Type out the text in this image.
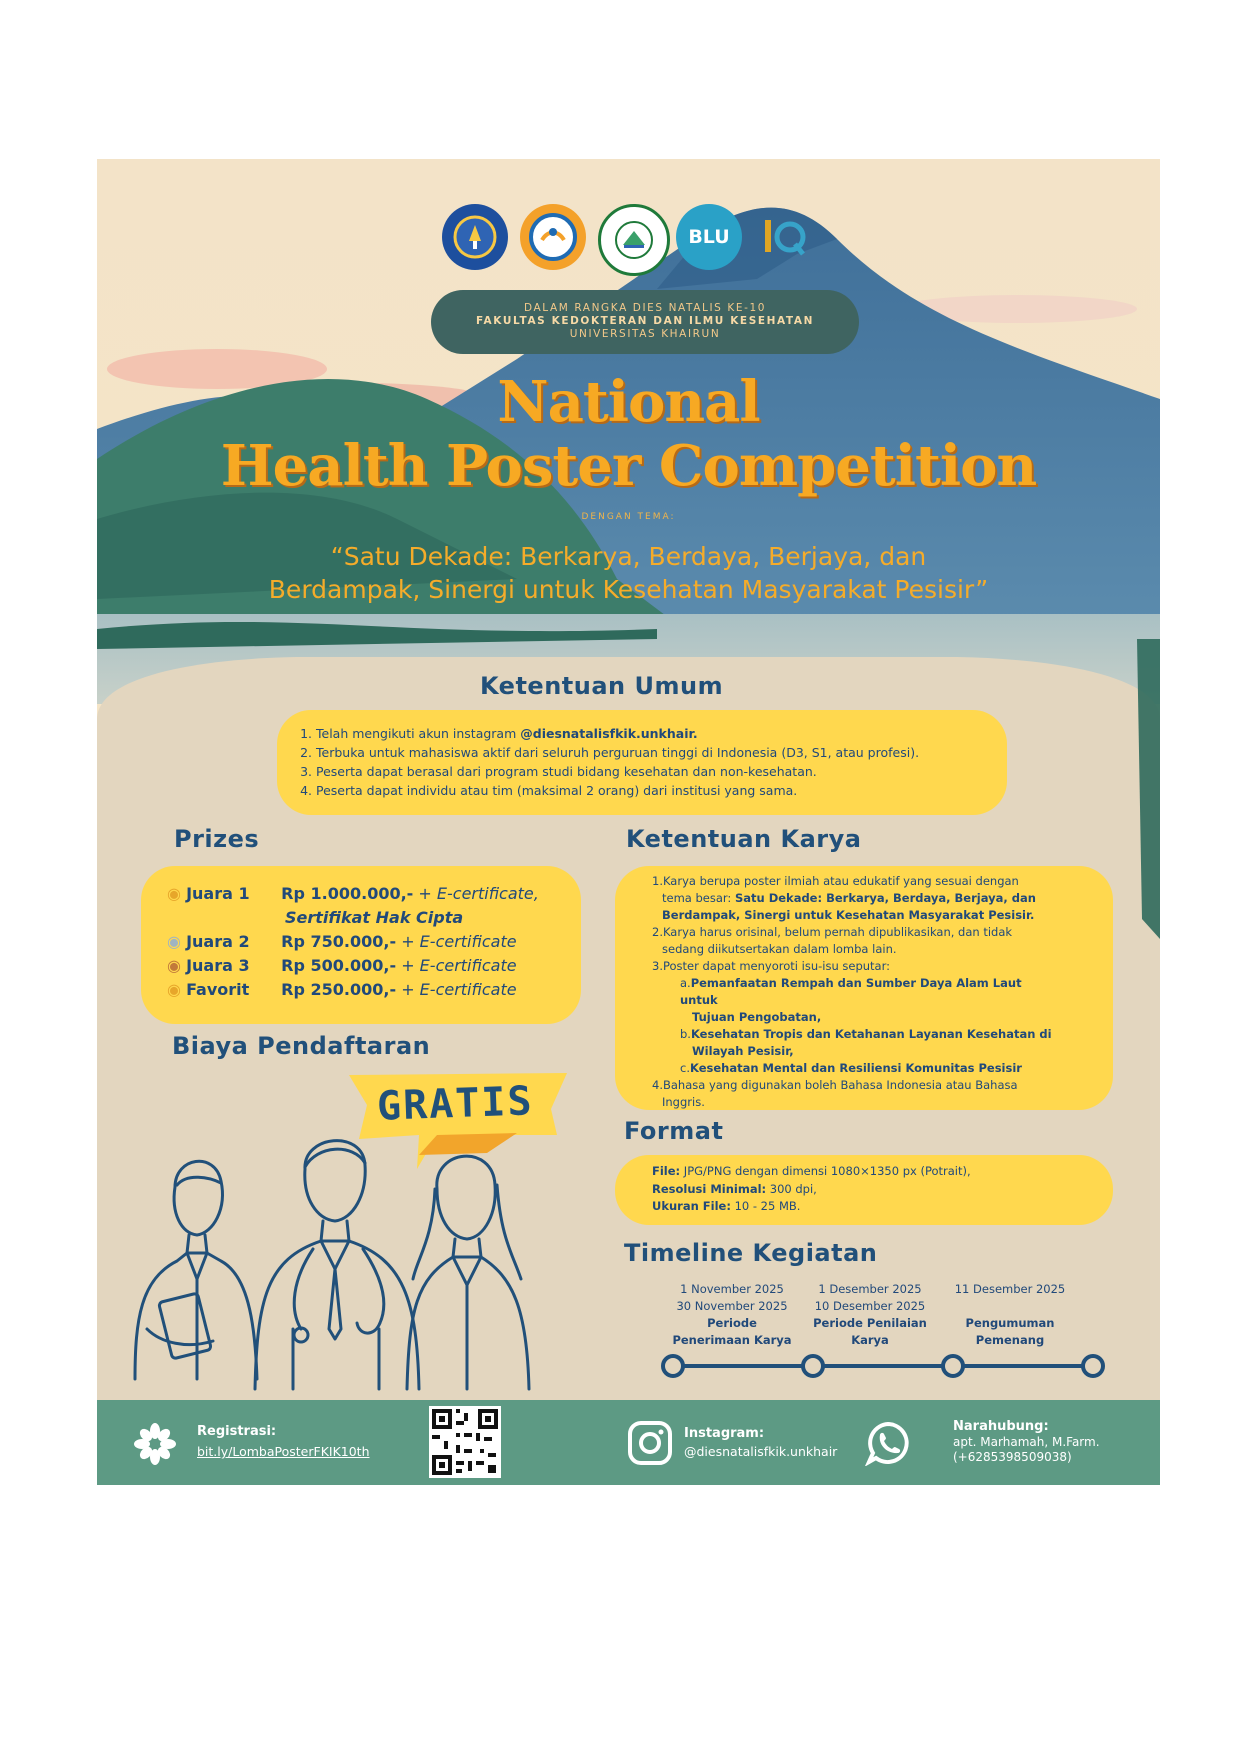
BLU
DALAM RANGKA DIES NATALIS KE-10
FAKULTAS KEDOKTERAN DAN ILMU KESEHATAN
UNIVERSITAS KHAIRUN
National
Health Poster Competition
DENGAN TEMA:
“Satu Dekade: Berkarya, Berdaya, Berjaya, dan
Berdampak, Sinergi untuk Kesehatan Masyarakat Pesisir”
Ketentuan Umum
1. Telah mengikuti akun instagram @diesnatalisfkik.unkhair.
2. Terbuka untuk mahasiswa aktif dari seluruh perguruan tinggi di Indonesia (D3, S1, atau profesi).
3. Peserta dapat berasal dari program studi bidang kesehatan dan non-kesehatan.
4. Peserta dapat individu atau tim (maksimal 2 orang) dari institusi yang sama.
Prizes
◉ Juara 1 Rp 1.000.000,- + E-certificate,
Sertifikat Hak Cipta
◉ Juara 2 Rp 750.000,- + E-certificate
◉ Juara 3 Rp 500.000,- + E-certificate
◉ Favorit Rp 250.000,- + E-certificate
Biaya Pendaftaran
GRATIS
Ketentuan Karya

1.Karya berupa poster ilmiah atau edukatif yang sesuai dengan

tema besar: Satu Dekade: Berkarya, Berdaya, Berjaya, dan

Berdampak, Sinergi untuk Kesehatan Masyarakat Pesisir.

2.Karya harus orisinal, belum pernah dipublikasikan, dan tidak

sedang diikutsertakan dalam lomba lain.

3.Poster dapat menyoroti isu-isu seputar:

a.Pemanfaatan Rempah dan Sumber Daya Alam Laut untuk

Tujuan Pengobatan,

b.Kesehatan Tropis dan Ketahanan Layanan Kesehatan di

Wilayah Pesisir,

c.Kesehatan Mental dan Resiliensi Komunitas Pesisir

4.Bahasa yang digunakan boleh Bahasa Indonesia atau Bahasa

Inggris.

Format
File: JPG/PNG dengan dimensi 1080×1350 px (Potrait),
Resolusi Minimal: 300 dpi,
Ukuran File: 10 - 25 MB.
Timeline Kegiatan
1 November 2025
30 November 2025
Periode
Penerimaan Karya
1 Desember 2025
10 Desember 2025
Periode Penilaian
Karya
11 Desember 2025
Pengumuman
Pemenang
Registrasi:
bit.ly/LombaPosterFKIK10th
Instagram:
@diesnatalisfkik.unkhair
Narahubung:
apt. Marhamah, M.Farm.
(+6285398509038)
